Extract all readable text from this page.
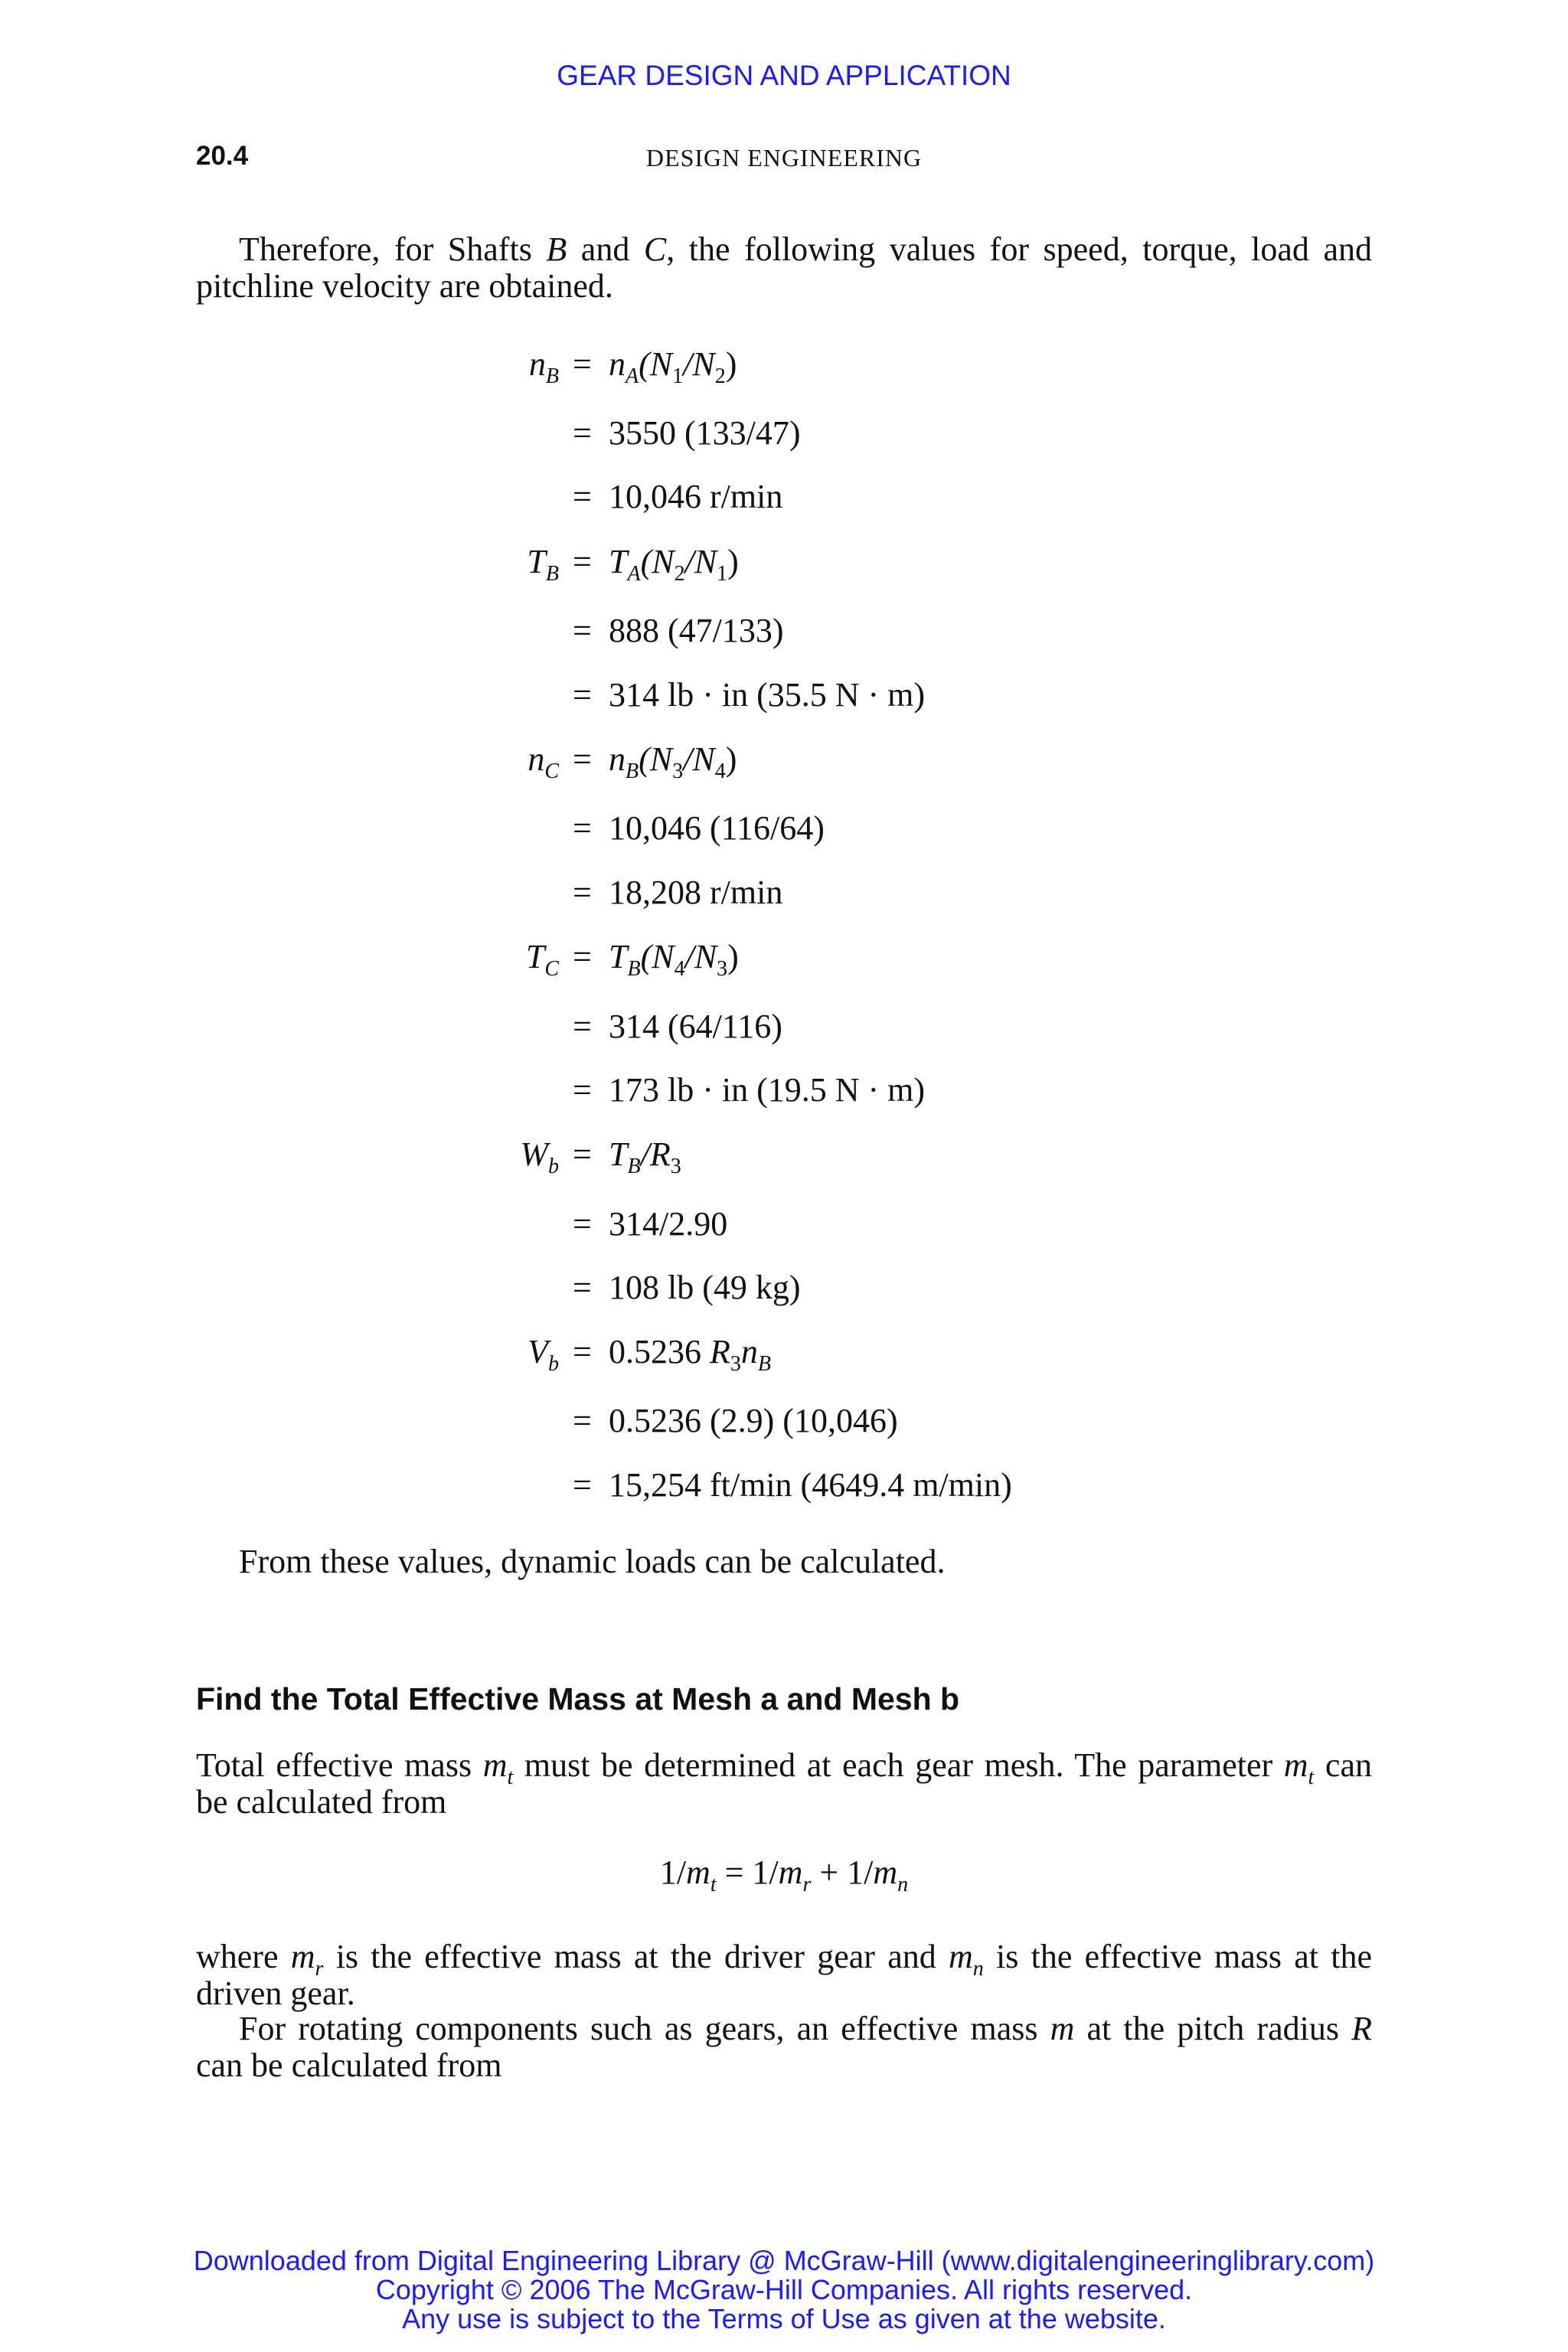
GEAR DESIGN AND APPLICATION
20.4	DESIGN ENGINEERING
Therefore, for Shafts B and C, the following values for speed, torque, load and pitchline velocity are obtained.
$n_B = n_A(N_1/N_2)$
= 3550 (133/47)
= 10,046 r/min
$T_B = T_A(N_2/N_1)$
= 888 (47/133)
= 314 lb · in (35.5 N · m)
$n_C = n_B(N_3/N_4)$
= 10,046 (116/64)
= 18,208 r/min
$T_C = T_B(N_4/N_3)$
= 314 (64/116)
= 173 lb · in (19.5 N · m)
$W_b = T_B/R_3$
= 314/2.90
= 108 lb (49 kg)
$V_b = 0.5236$ $R_3n_B$
= 0.5236 (2.9) (10,046)
= 15,254 ft/min (4649.4 m/min)
From these values, dynamic loads can be calculated.
Find the Total Effective Mass at Mesh a and Mesh b
Total effective mass $m_t$ must be determined at each gear mesh. The parameter $m_t$ can be calculated from
$1/m_t = 1/m_r + 1/m_n$
where $m_r$ is the effective mass at the driver gear and $m_n$ is the effective mass at the driven gear.
For rotating components such as gears, an effective mass m at the pitch radius R can be calculated from
Downloaded from Digital Engineering Library @ McGraw-Hill (www.digitalengineeringlibrary.com)
Copyright © 2006 The McGraw-Hill Companies. All rights reserved.
Any use is subject to the Terms of Use as given at the website.
